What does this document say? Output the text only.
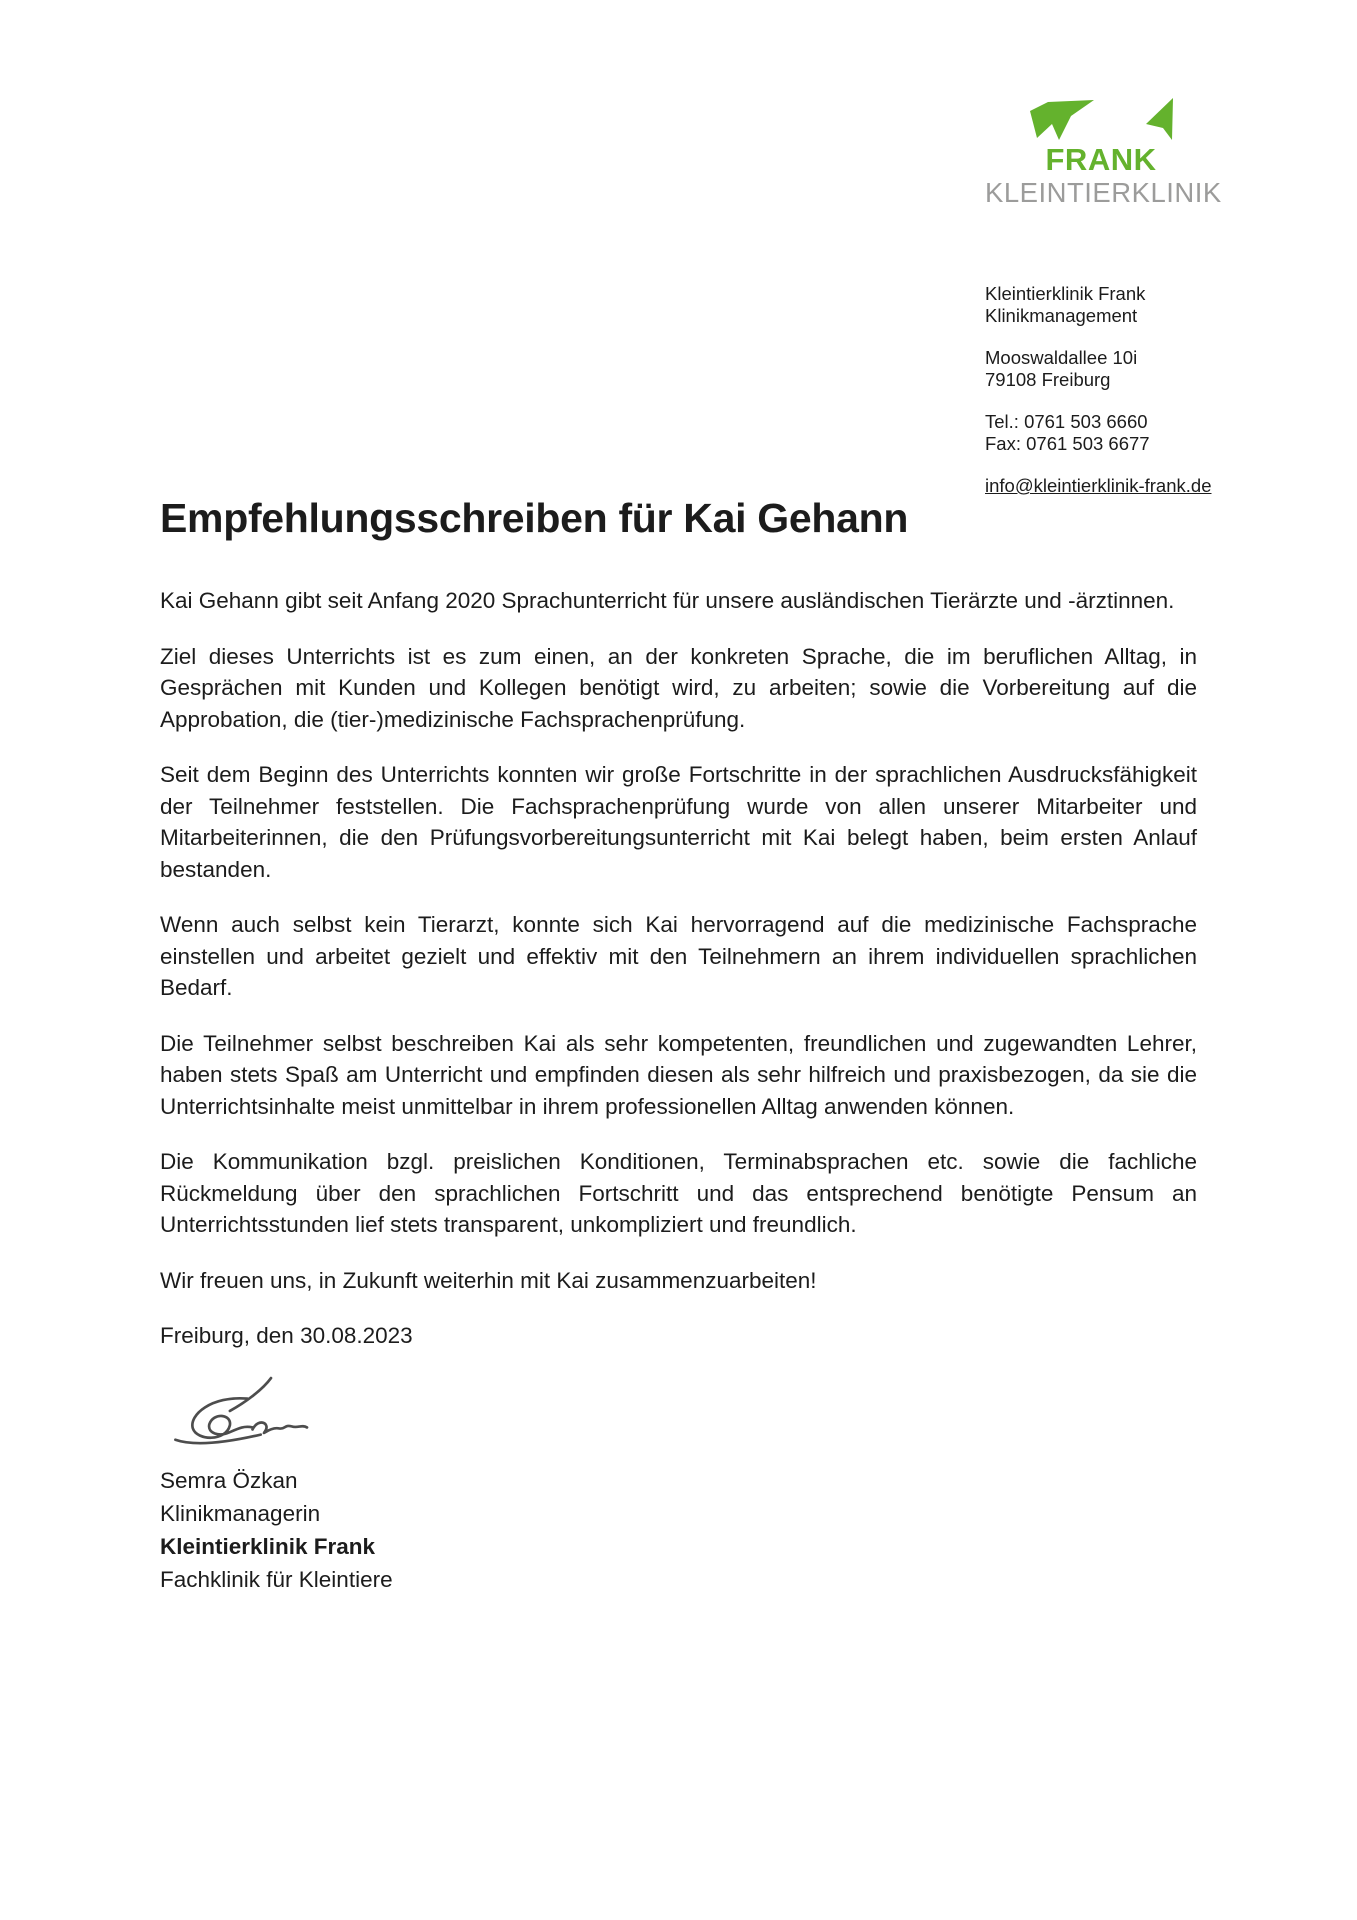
FRANK
KLEINTIERKLINIK
Kleintierklinik Frank
Klinikmanagement
Mooswaldallee 10i
79108 Freiburg
Tel.: 0761 503 6660
Fax: 0761 503 6677
info@kleintierklinik-frank.de
Empfehlungsschreiben für Kai Gehann

Kai Gehann gibt seit Anfang 2020 Sprachunterricht für unsere ausländischen Tierärzte und -ärztinnen.

Ziel dieses Unterrichts ist es zum einen, an der konkreten Sprache, die im beruflichen Alltag, in Gesprächen mit Kunden und Kollegen benötigt wird, zu arbeiten; sowie die Vorbereitung auf die Approbation, die (tier-)medizinische Fachsprachenprüfung.

Seit dem Beginn des Unterrichts konnten wir große Fortschritte in der sprachlichen Ausdrucksfähigkeit der Teilnehmer feststellen. Die Fachsprachenprüfung wurde von allen unserer Mitarbeiter und Mitarbeiterinnen, die den Prüfungsvorbereitungsunterricht mit Kai belegt haben, beim ersten Anlauf bestanden.

Wenn auch selbst kein Tierarzt, konnte sich Kai hervorragend auf die medizinische Fachsprache einstellen und arbeitet gezielt und effektiv mit den Teilnehmern an ihrem individuellen sprachlichen Bedarf.

Die Teilnehmer selbst beschreiben Kai als sehr kompetenten, freundlichen und zugewandten Lehrer, haben stets Spaß am Unterricht und empfinden diesen als sehr hilfreich und praxisbezogen, da sie die Unterrichtsinhalte meist unmittelbar in ihrem professionellen Alltag anwenden können.

Die Kommunikation bzgl. preislichen Konditionen, Terminabsprachen etc. sowie die fachliche Rückmeldung über den sprachlichen Fortschritt und das entsprechend benötigte Pensum an Unterrichtsstunden lief stets transparent, unkompliziert und freundlich.

Wir freuen uns, in Zukunft weiterhin mit Kai zusammenzuarbeiten!

Freiburg, den 30.08.2023

Semra Özkan
Klinikmanagerin
Kleintierklinik Frank
Fachklinik für Kleintiere
